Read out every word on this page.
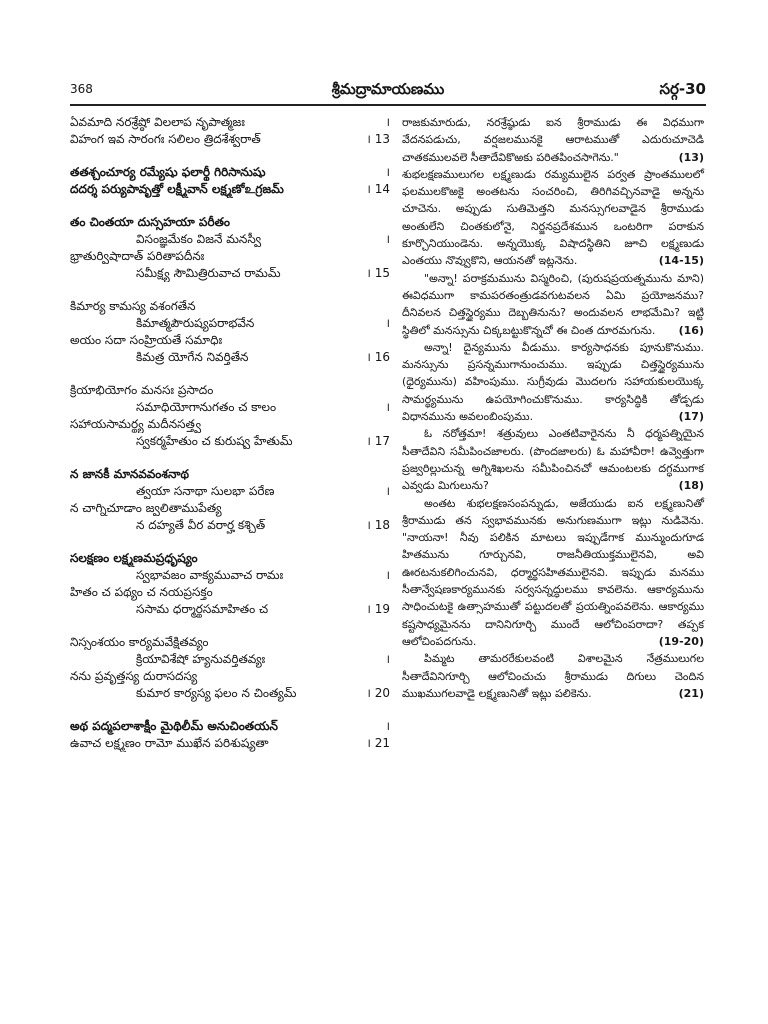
368	శ్రీమద్రామాయణము	సర్గ-30
ఏవమాది నరశ్రేష్ఠో విలలాప నృపాత్మజః	।
విహంగ ఇవ సారంగః సలిలం త్రిదశేశ్వరాత్	। 13
తతశ్చంచూర్య రమ్యేషు ఫలార్థీ గిరిసానుషు	।
దదర్శ పర్యుపావృత్తో లక్ష్మీవాన్ లక్ష్మణోஉగ్రజమ్	। 14
తం చింతయా దుస్సహయా పరీతం
విసంజ్ఞమేకం విజనే మనస్వీ	।
భ్రాతుర్విషాదాత్ పరితాపదీనః
సమీక్ష్య సౌమిత్రిరువాచ రామమ్	। 15
కిమార్య కామస్య వశంగతేన
కిమాత్మపౌరుష్యపరాభవేన	।
అయం సదా సంహ్రియతే సమాధిః
కిమత్ర యోగేన నివర్తితేన	। 16
క్రియాభియోగం మనసః ప్రసాదం
సమాధియోగానుగతం చ కాలం	।
సహాయసామర్థ్య మదీనసత్త్వ
స్వకర్మహేతుం చ కురుష్వ హేతుమ్	। 17
న జానకీ మానవవంశనాథ
త్వయా సనాథా సులభా పరేణ	।
న చాగ్నిచూడాం జ్వలితాముపేత్య
న దహ్యతే వీర వరార్హ కశ్చిత్	। 18
సలక్షణం లక్ష్మణమప్రధృష్యం
స్వభావజం వాక్యమువాచ రామః	।
హితం చ పథ్యం చ నయప్రసక్తం
ససామ ధర్మార్థసమాహితం చ	। 19
నిస్సంశయం కార్యమవేక్షితవ్యం
క్రియావిశేషో హ్యనువర్తితవ్యః	।
నను ప్రవృత్తస్య దురాసదస్య
కుమార కార్యస్య ఫలం న చింత్యమ్	। 20
అథ పద్మపలాశాక్షీం మైథిలీమ్ అనుచింతయన్	।
ఉవాచ లక్ష్మణం రామో ముఖేన పరిశుష్యతా	। 21

రాజకుమారుడు, నరశ్రేష్ఠుడు ఐన శ్రీరాముడు ఈ విధముగా వేదనపడుచు, వర్షజలమునకై ఆరాటముతో ఎదురుచూచెడి చాతకములవలె సీతాదేవికొఱకు పరితపించసాగెను."	(13)

శుభలక్షణములుగల లక్ష్మణుడు రమ్యములైన పర్వత ప్రాంతములలో ఫలములకొఱకై అంతటను సంచరించి, తిరిగివచ్చినవాడై అన్నను చూచెను. అప్పుడు సుతిమెత్తని మనస్సుగలవాడైన శ్రీరాముడు అంతులేని చింతకులోనై, నిర్జనప్రదేశమున ఒంటరిగా పరాకున కూర్చొనియుండెను. అన్నయొక్క విషాదస్థితిని జూచి లక్ష్మణుడు ఎంతయు నొవ్వుకొని, ఆయనతో ఇట్లనెను.	(14-15)

"అన్నా! పరాక్రమమును విస్మరించి, (పురుషప్రయత్నమును మాని) ఈవిధముగా కామపరతంత్రుడవగుటవలన ఏమి ప్రయోజనము? దీనివలన చిత్తస్థైర్యము దెబ్బతినును? అందువలన లాభమేమి? ఇట్టి స్థితిలో మనస్సును చిక్కబట్టుకొన్నచో ఈ చింత దూరమగును.	(16)

అన్నా! దైన్యమును వీడుము. కార్యసాధనకు పూనుకొనుము. మనస్సును ప్రసన్నముగానుంచుము. ఇప్పుడు చిత్తస్థైర్యమును (ధైర్యమును) వహింపుము. సుగ్రీవుడు మొదలగు సహాయకులయొక్క సామర్థ్యమును ఉపయోగించుకొనుము. కార్యసిద్ధికి తోడ్పడు విధానమును అవలంబింపుము.	(17)

ఓ నరోత్తమా! శత్రువులు ఎంతటివారైనను నీ ధర్మపత్నియైన సీతాదేవిని సమీపించజాలరు. (పొందజాలరు) ఓ మహావీరా! ఉవ్వెత్తుగా ప్రజ్వరిల్లుచున్న అగ్నిశిఖలను సమీపించినచో ఆమంటలకు దగ్ధముగాక ఎవ్వడు మిగులును?	(18)

అంతట శుభలక్షణసంపన్నుడు, అజేయుడు ఐన లక్ష్మణునితో శ్రీరాముడు తన స్వభావమునకు అనుగుణముగా ఇట్లు నుడివెను. "నాయనా! నీవు పలికిన మాటలు ఇప్పుడేగాక మున్ముందుగూడ హితమును గూర్చునవి, రాజనీతియుక్తములైనవి, అవి ఊరటనుకలిగించునవి, ధర్మార్థసహితములైనవి. ఇప్పుడు మనము సీతాన్వేషణకార్యమునకు సర్వసన్నద్ధులము కావలెను. ఆకార్యమును సాధించుటకై ఉత్సాహముతో పట్టుదలతో ప్రయత్నింపవలెను. ఆకార్యము కష్టసాధ్యమైనను దానినిగూర్చి ముందే ఆలోచింపరాదా? తప్పక ఆలోచింపదగును.	(19-20)

పిమ్మట తామరరేకులవంటి విశాలమైన నేత్రములుగల సీతాదేవినిగూర్చి ఆలోచించుచు శ్రీరాముడు దిగులు చెందిన ముఖముగలవాడై లక్ష్మణునితో ఇట్లు పలికెను.	(21)
